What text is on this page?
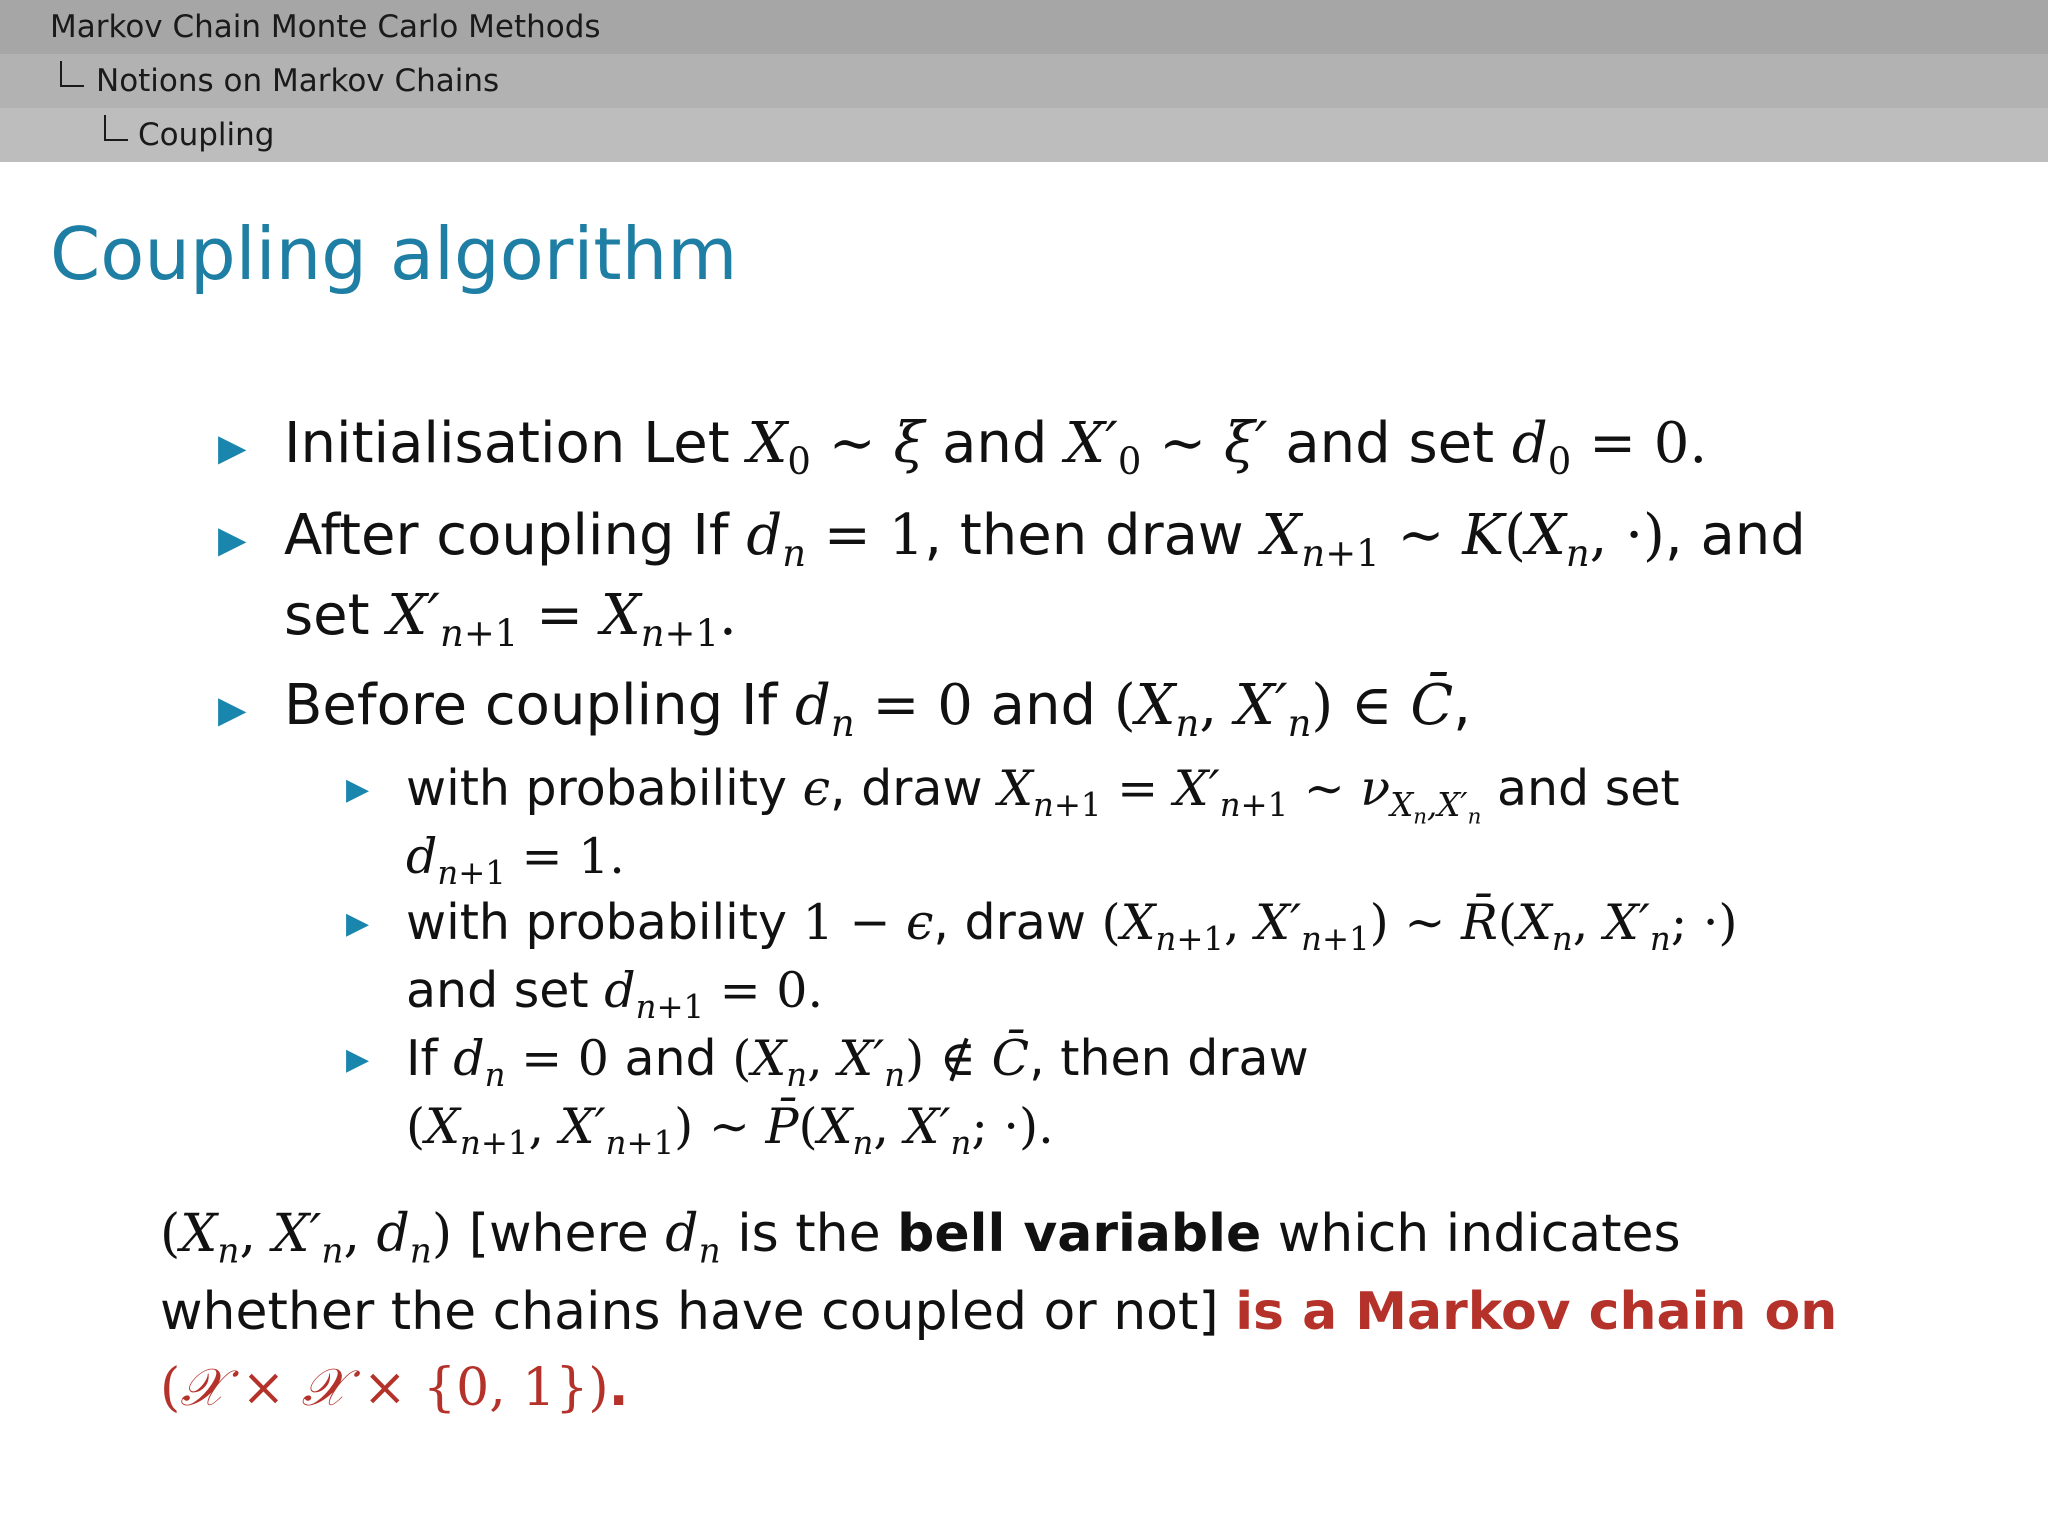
Markov Chain Monte Carlo Methods
Notions on Markov Chains
Coupling
Coupling algorithm
▶ Initialisation Let $X_0$ ∼ ξ and $X'_0$ ∼ ξ′ and set $d_0 = 0$.
▶ After coupling If $d_n = 1$, then draw $X_{n+1}$ ∼ $K(X_n$, ·), and
set $X'_{n+1} = X_{n+1}$.
▶ Before coupling If $d_n = 0$ and ($X_n$, $X'_n$) ∈ C̄,
▶ with probability ϵ, draw $X_{n+1} = X'_{n+1}$ ∼ $\nu_{X_n,X'_n}$ and set
$d_{n+1} = 1$.
▶ with probability 1 − ϵ, draw ($X_{n+1}$, $X'_{n+1}$) ∼ $R̄(X_n$, $X'_n$; ·)
and set $d_{n+1} = 0$.
▶ If $d_n = 0$ and ($X_n$, $X'_n$) ∉ C̄, then draw
($X_{n+1}$, $X'_{n+1}$) ∼ $P̄(X_n$, $X'_n$; ·).
($X_n$, $X'_n$, $d_n$) [where $d_n$ is the bell variable which indicates
whether the chains have coupled or not] is a Markov chain on
(𝒳 × 𝒳 × {0, 1}).
